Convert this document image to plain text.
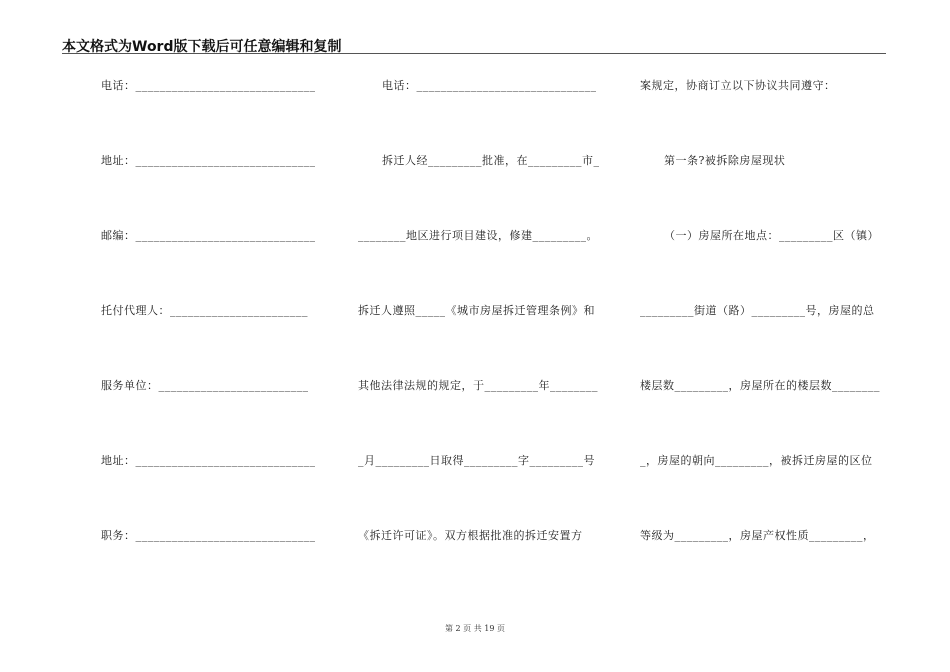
本文格式为Word版下载后可任意编辑和复制
电话：______________________________
地址：______________________________
邮编：______________________________
托付代理人：_______________________
服务单位：_________________________
地址：______________________________
职务：______________________________
电话：______________________________
拆迁人经_________批准，在_________市_
________地区进行项目建设，修建_________。
拆迁人遵照_____《城市房屋拆迁管理条例》和
其他法律法规的规定，于_________年________
_月_________日取得_________字_________号
《拆迁许可证》。双方根据批准的拆迁安置方
案规定，协商订立以下协议共同遵守：
第一条?被拆除房屋现状
（一）房屋所在地点：_________区（镇）
_________街道（路）_________号，房屋的总
楼层数_________，房屋所在的楼层数________
_，房屋的朝向_________，被拆迁房屋的区位
等级为_________，房屋产权性质_________，
第 2 页 共 19 页
